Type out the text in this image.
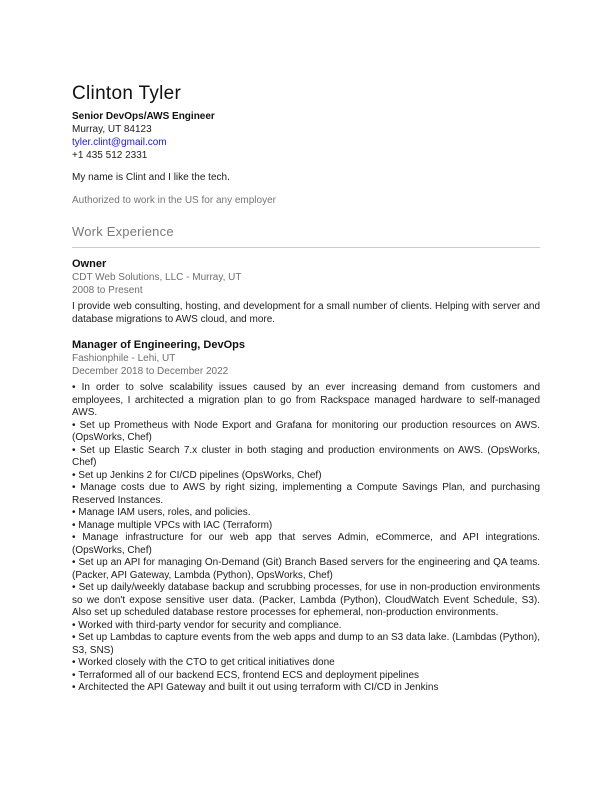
Clinton Tyler
Senior DevOps/AWS Engineer
Murray, UT 84123
tyler.clint@gmail.com
+1 435 512 2331

My name is Clint and I like the tech.

Authorized to work in the US for any employer

Work Experience
Owner
CDT Web Solutions, LLC - Murray, UT
2008 to Present

I provide web consulting, hosting, and development for a small number of clients. Helping with server and database migrations to AWS cloud, and more.

Manager of Engineering, DevOps
Fashionphile - Lehi, UT
December 2018 to December 2022

• In order to solve scalability issues caused by an ever increasing demand from customers and employees, I architected a migration plan to go from Rackspace managed hardware to self-managed AWS.

• Set up Prometheus with Node Export and Grafana for monitoring our production resources on AWS. (OpsWorks, Chef)

• Set up Elastic Search 7.x cluster in both staging and production environments on AWS. (OpsWorks, Chef)

• Set up Jenkins 2 for CI/CD pipelines (OpsWorks, Chef)

• Manage costs due to AWS by right sizing, implementing a Compute Savings Plan, and purchasing Reserved Instances.

• Manage IAM users, roles, and policies.

• Manage multiple VPCs with IAC (Terraform)

• Manage infrastructure for our web app that serves Admin, eCommerce, and API integrations. (OpsWorks, Chef)

• Set up an API for managing On-Demand (Git) Branch Based servers for the engineering and QA teams. (Packer, API Gateway, Lambda (Python), OpsWorks, Chef)

• Set up daily/weekly database backup and scrubbing processes, for use in non-production environments so we don't expose sensitive user data. (Packer, Lambda (Python), CloudWatch Event Schedule, S3). Also set up scheduled database restore processes for ephemeral, non-production environments.

• Worked with third-party vendor for security and compliance.

• Set up Lambdas to capture events from the web apps and dump to an S3 data lake. (Lambdas (Python), S3, SNS)

• Worked closely with the CTO to get critical initiatives done

• Terraformed all of our backend ECS, frontend ECS and deployment pipelines

• Architected the API Gateway and built it out using terraform with CI/CD in Jenkins
